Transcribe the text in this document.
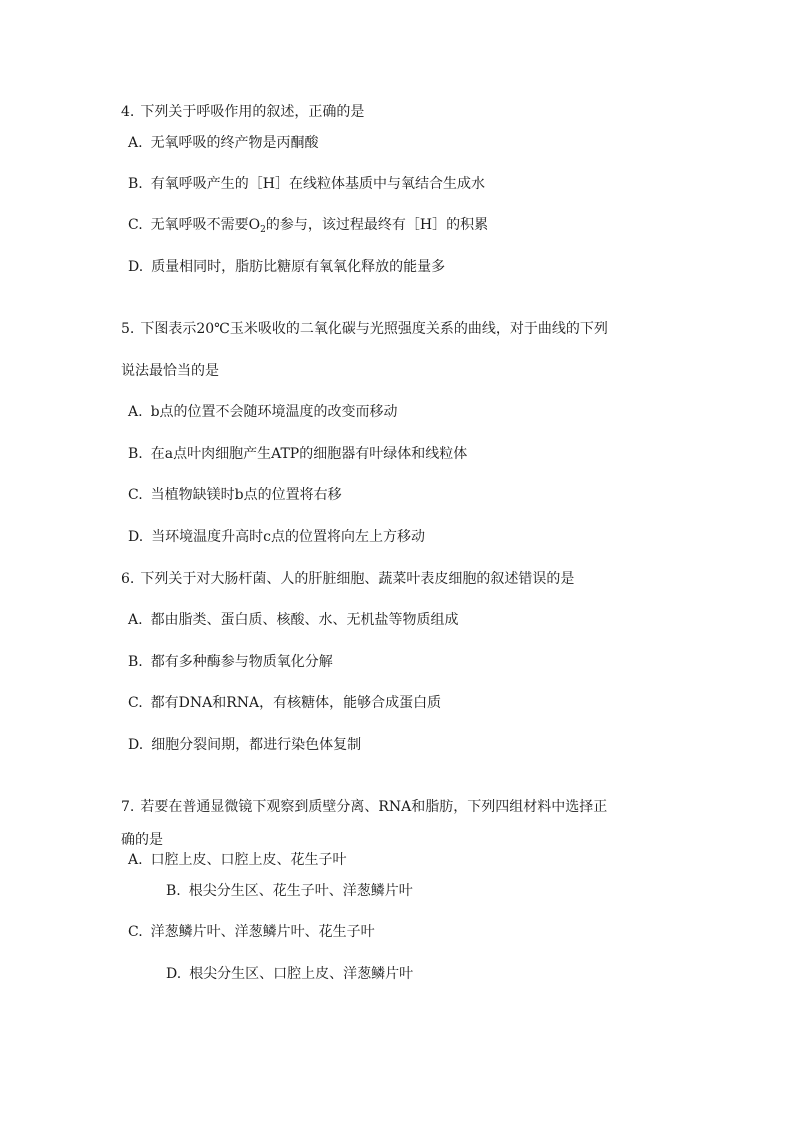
4. 下列关于呼吸作用的叙述，正确的是
A. 无氧呼吸的终产物是丙酮酸
B. 有氧呼吸产生的［H］在线粒体基质中与氧结合生成水
C. 无氧呼吸不需要$O_2$的参与，该过程最终有［H］的积累
D. 质量相同时，脂肪比糖原有氧氧化释放的能量多
5. 下图表示20℃玉米吸收的二氧化碳与光照强度关系的曲线，对于曲线的下列
说法最恰当的是
A. b点的位置不会随环境温度的改变而移动
B. 在a点叶肉细胞产生ATP的细胞器有叶绿体和线粒体
C. 当植物缺镁时b点的位置将右移
D. 当环境温度升高时c点的位置将向左上方移动
6. 下列关于对大肠杆菌、人的肝脏细胞、蔬菜叶表皮细胞的叙述错误的是
A. 都由脂类、蛋白质、核酸、水、无机盐等物质组成
B. 都有多种酶参与物质氧化分解
C. 都有DNA和RNA，有核糖体，能够合成蛋白质
D. 细胞分裂间期，都进行染色体复制
7. 若要在普通显微镜下观察到质壁分离、RNA和脂肪，下列四组材料中选择正
确的是
A. 口腔上皮、口腔上皮、花生子叶
B. 根尖分生区、花生子叶、洋葱鳞片叶
C. 洋葱鳞片叶、洋葱鳞片叶、花生子叶
D. 根尖分生区、口腔上皮、洋葱鳞片叶
